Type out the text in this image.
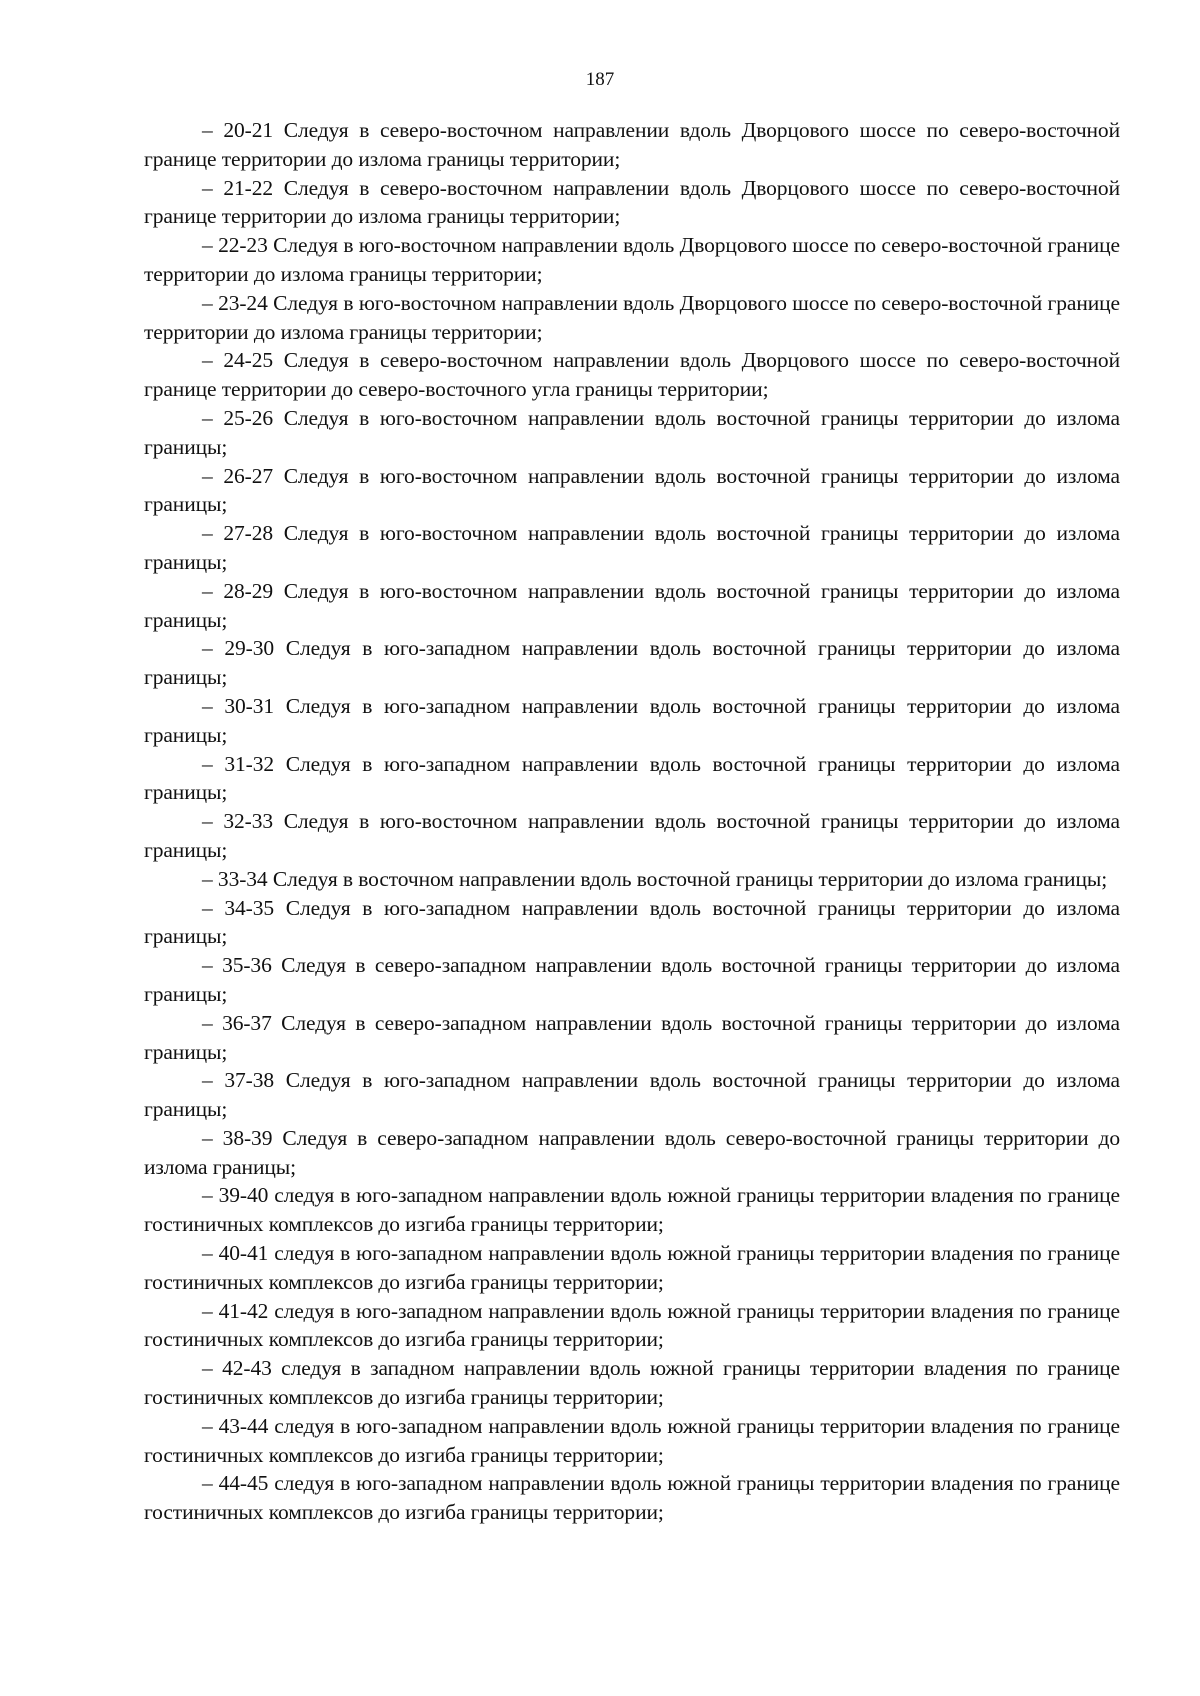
187

– 20-21 Следуя в северо-восточном направлении вдоль Дворцового шоссе по северо-восточной границе территории до излома границы территории;

– 21-22 Следуя в северо-восточном направлении вдоль Дворцового шоссе по северо-восточной границе территории до излома границы территории;

– 22-23 Следуя в юго-восточном направлении вдоль Дворцового шоссе по северо-восточной границе территории до излома границы территории;

– 23-24 Следуя в юго-восточном направлении вдоль Дворцового шоссе по северо-восточной границе территории до излома границы территории;

– 24-25 Следуя в северо-восточном направлении вдоль Дворцового шоссе по северо-восточной границе территории до северо-восточного угла границы территории;

– 25-26 Следуя в юго-восточном направлении вдоль восточной границы территории до излома границы;

– 26-27 Следуя в юго-восточном направлении вдоль восточной границы территории до излома границы;

– 27-28 Следуя в юго-восточном направлении вдоль восточной границы территории до излома границы;

– 28-29 Следуя в юго-восточном направлении вдоль восточной границы территории до излома границы;

– 29-30 Следуя в юго-западном направлении вдоль восточной границы территории до излома границы;

– 30-31 Следуя в юго-западном направлении вдоль восточной границы территории до излома границы;

– 31-32 Следуя в юго-западном направлении вдоль восточной границы территории до излома границы;

– 32-33 Следуя в юго-восточном направлении вдоль восточной границы территории до излома границы;

– 33-34 Следуя в восточном направлении вдоль восточной границы территории до излома границы;

– 34-35 Следуя в юго-западном направлении вдоль восточной границы территории до излома границы;

– 35-36 Следуя в северо-западном направлении вдоль восточной границы территории до излома границы;

– 36-37 Следуя в северо-западном направлении вдоль восточной границы территории до излома границы;

– 37-38 Следуя в юго-западном направлении вдоль восточной границы территории до излома границы;

– 38-39 Следуя в северо-западном направлении вдоль северо-восточной границы территории до излома границы;

– 39-40 следуя в юго-западном направлении вдоль южной границы территории владения по границе гостиничных комплексов до изгиба границы территории;

– 40-41 следуя в юго-западном направлении вдоль южной границы территории владения по границе гостиничных комплексов до изгиба границы территории;

– 41-42 следуя в юго-западном направлении вдоль южной границы территории владения по границе гостиничных комплексов до изгиба границы территории;

– 42-43 следуя в западном направлении вдоль южной границы территории владения по границе гостиничных комплексов до изгиба границы территории;

– 43-44 следуя в юго-западном направлении вдоль южной границы территории владения по границе гостиничных комплексов до изгиба границы территории;

– 44-45 следуя в юго-западном направлении вдоль южной границы территории владения по границе гостиничных комплексов до изгиба границы территории;
